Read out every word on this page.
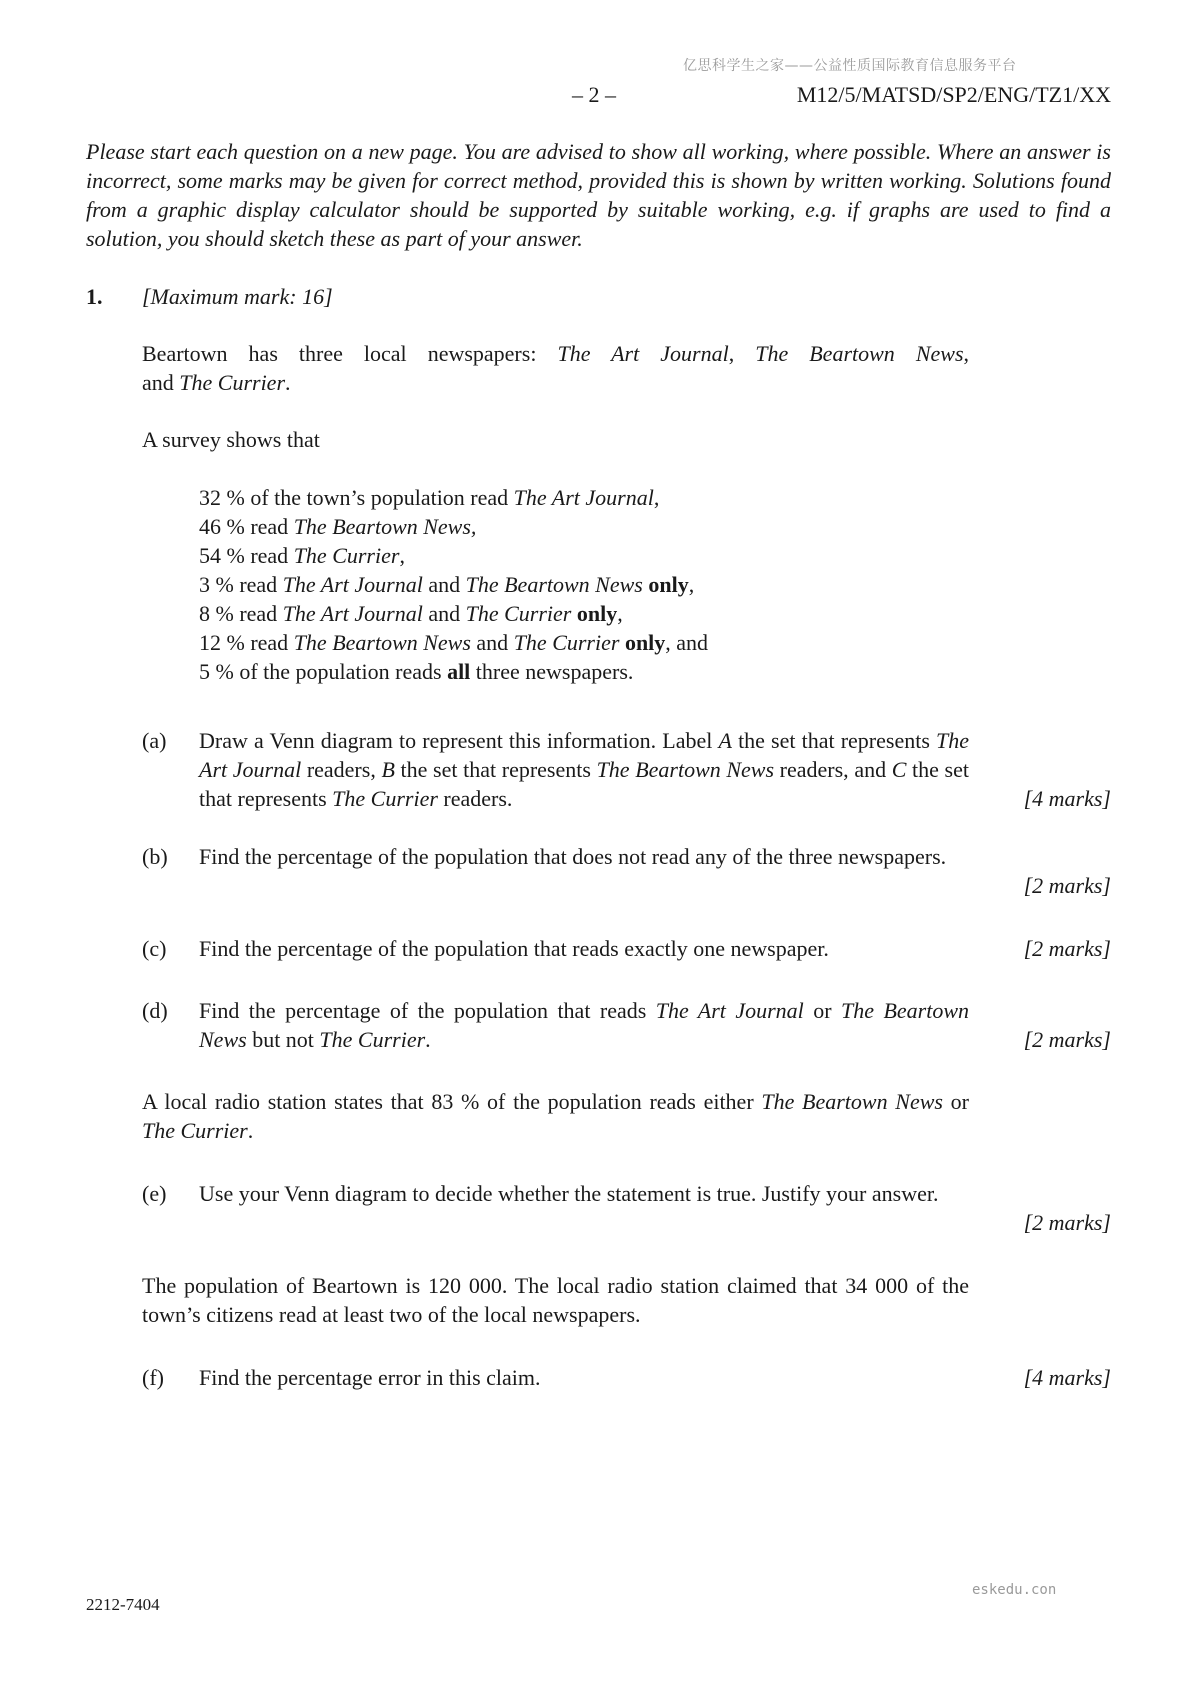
亿思科学生之家——公益性质国际教育信息服务平台
– 2 –	M12/5/MATSD/SP2/ENG/TZ1/XX
Please start each question on a new page. You are advised to show all working, where possible. Where an answer is incorrect, some marks may be given for correct method, provided this is shown by written working. Solutions found from a graphic display calculator should be supported by suitable working, e.g. if graphs are used to find a solution, you should sketch these as part of your answer.
1. [Maximum mark: 16]
Beartown has three local newspapers: The Art Journal, The Beartown News,
and The Currier.
A survey shows that
32 % of the town’s population read The Art Journal,
46 % read The Beartown News,
54 % read The Currier,
3 % read The Art Journal and The Beartown News only,
8 % read The Art Journal and The Currier only,
12 % read The Beartown News and The Currier only, and
5 % of the population reads all three newspapers.
(a) Draw a Venn diagram to represent this information. Label A the set that represents The Art Journal readers, B the set that represents The Beartown News readers, and C the set that represents The Currier readers.	[4 marks]
(b) Find the percentage of the population that does not read any of the three newspapers.
[2 marks]
(c) Find the percentage of the population that reads exactly one newspaper.	[2 marks]
(d) Find the percentage of the population that reads The Art Journal or The Beartown News but not The Currier.	[2 marks]
A local radio station states that 83 % of the population reads either The Beartown News or The Currier.
(e) Use your Venn diagram to decide whether the statement is true. Justify your answer.
[2 marks]
The population of Beartown is 120 000. The local radio station claimed that 34 000 of the town’s citizens read at least two of the local newspapers.
(f) Find the percentage error in this claim.	[4 marks]
eskedu.con
2212-7404
